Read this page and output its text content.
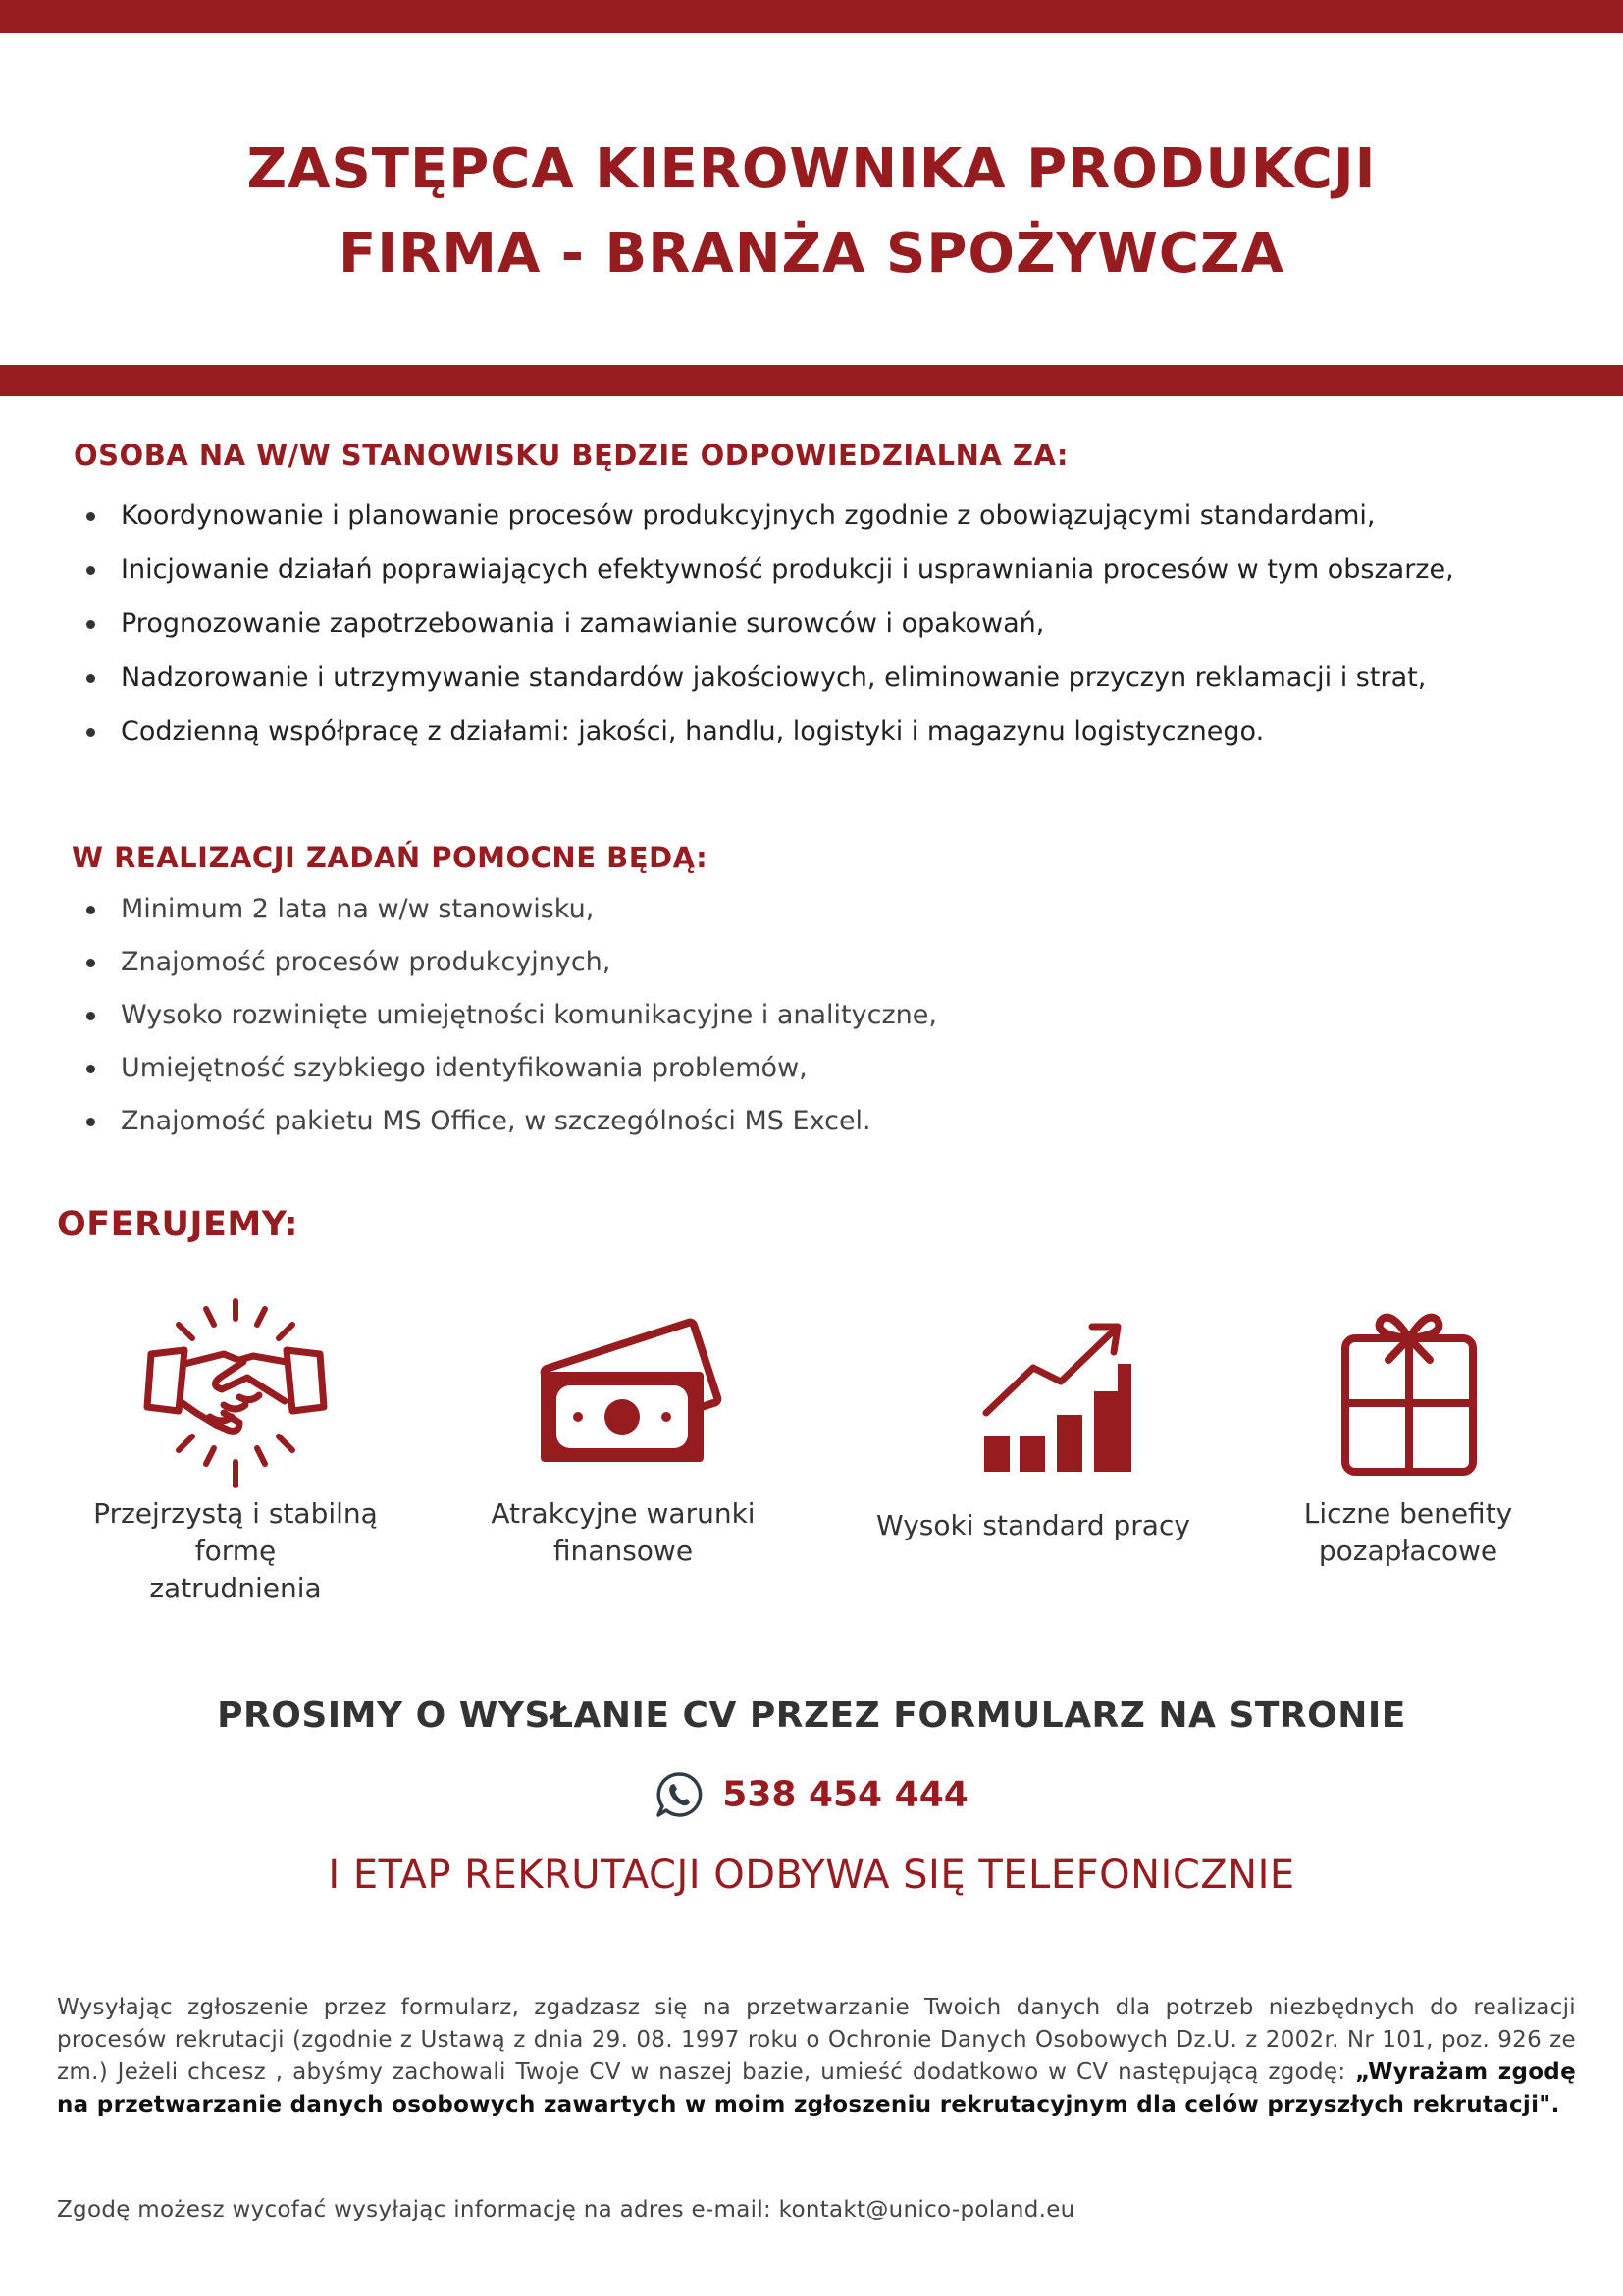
ZASTĘPCA KIEROWNIKA PRODUKCJI
FIRMA - BRANŻA SPOŻYWCZA
OSOBA NA W/W STANOWISKU BĘDZIE ODPOWIEDZIALNA ZA:
Koordynowanie i planowanie procesów produkcyjnych zgodnie z obowiązującymi standardami,
Inicjowanie działań poprawiających efektywność produkcji i usprawniania procesów w tym obszarze,
Prognozowanie zapotrzebowania i zamawianie surowców i opakowań,
Nadzorowanie i utrzymywanie standardów jakościowych, eliminowanie przyczyn reklamacji i strat,
Codzienną współpracę z działami: jakości, handlu, logistyki i magazynu logistycznego.
W REALIZACJI ZADAŃ POMOCNE BĘDĄ:
Minimum 2 lata na w/w stanowisku,
Znajomość procesów produkcyjnych,
Wysoko rozwinięte umiejętności komunikacyjne i analityczne,
Umiejętność szybkiego identyfikowania problemów,
Znajomość pakietu MS Office, w szczególności MS Excel.
OFERUJEMY:

Przejrzystą i stabilną formę
zatrudnienia

Atrakcyjne warunki
finansowe

Wysoki standard pracy	Liczne benefity
pozapłacowe

PROSIMY O WYSŁANIE CV PRZEZ FORMULARZ NA STRONIE

538 454 444

I ETAP REKRUTACJI ODBYWA SIĘ TELEFONICZNIE

Wysyłając zgłoszenie przez formularz, zgadzasz się na przetwarzanie Twoich danych dla potrzeb niezbędnych do realizacji procesów rekrutacji (zgodnie z Ustawą z dnia 29. 08. 1997 roku o Ochronie Danych Osobowych Dz.U. z 2002r. Nr 101, poz. 926 ze zm.) Jeżeli chcesz , abyśmy zachowali Twoje CV w naszej bazie, umieść dodatkowo w CV następującą zgodę: „Wyrażam zgodę na przetwarzanie danych osobowych zawartych w moim zgłoszeniu rekrutacyjnym dla celów przyszłych rekrutacji".

Zgodę możesz wycofać wysyłając informację na adres e-mail: kontakt@unico-poland.eu
